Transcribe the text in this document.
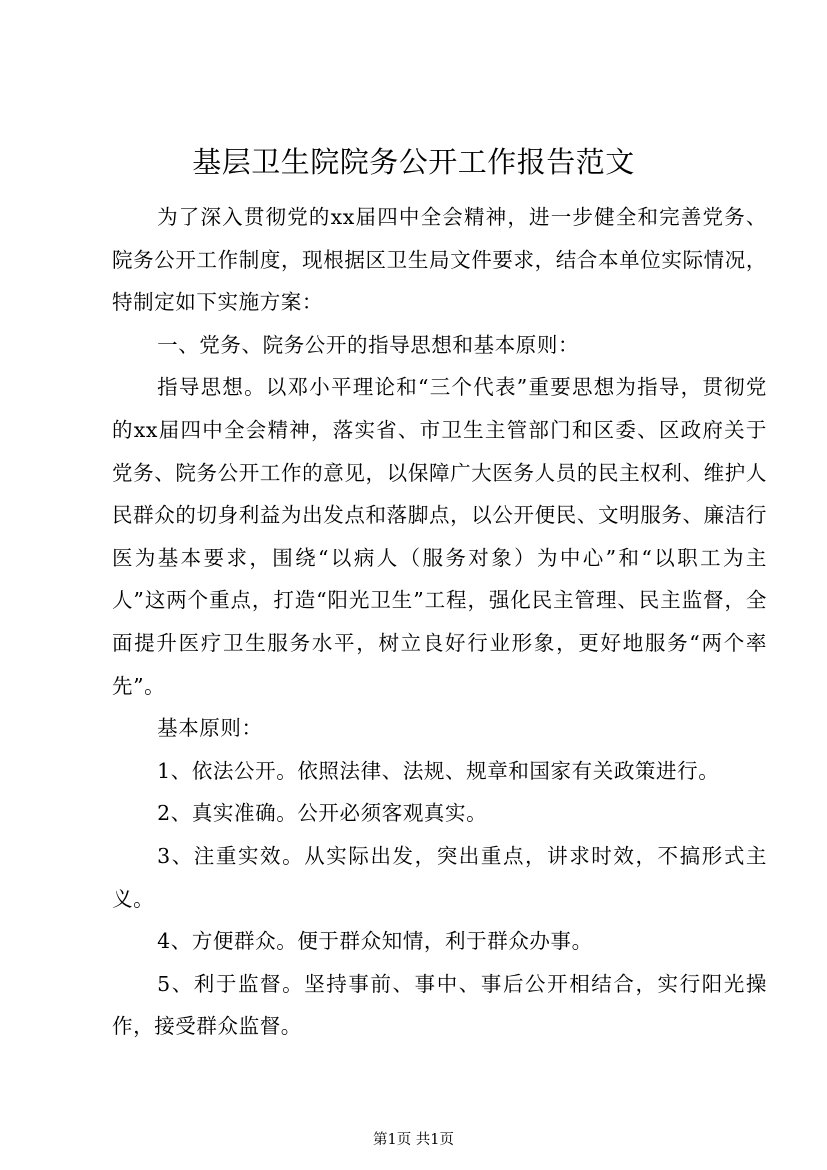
基层卫生院院务公开工作报告范文

为了深入贯彻党的xx届四中全会精神，进一步健全和完善党务、院务公开工作制度，现根据区卫生局文件要求，结合本单位实际情况，特制定如下实施方案：

一、党务、院务公开的指导思想和基本原则：

指导思想。以邓小平理论和“三个代表”重要思想为指导，贯彻党的xx届四中全会精神，落实省、市卫生主管部门和区委、区政府关于党务、院务公开工作的意见，以保障广大医务人员的民主权利、维护人民群众的切身利益为出发点和落脚点，以公开便民、文明服务、廉洁行医为基本要求，围绕“以病人（服务对象）为中心”和“以职工为主人”这两个重点，打造“阳光卫生”工程，强化民主管理、民主监督，全面提升医疗卫生服务水平，树立良好行业形象，更好地服务“两个率先”。

基本原则：

1、依法公开。依照法律、法规、规章和国家有关政策进行。

2、真实准确。公开必须客观真实。

3、注重实效。从实际出发，突出重点，讲求时效，不搞形式主义。

4、方便群众。便于群众知情，利于群众办事。

5、利于监督。坚持事前、事中、事后公开相结合，实行阳光操作，接受群众监督。

第1页 共1页
